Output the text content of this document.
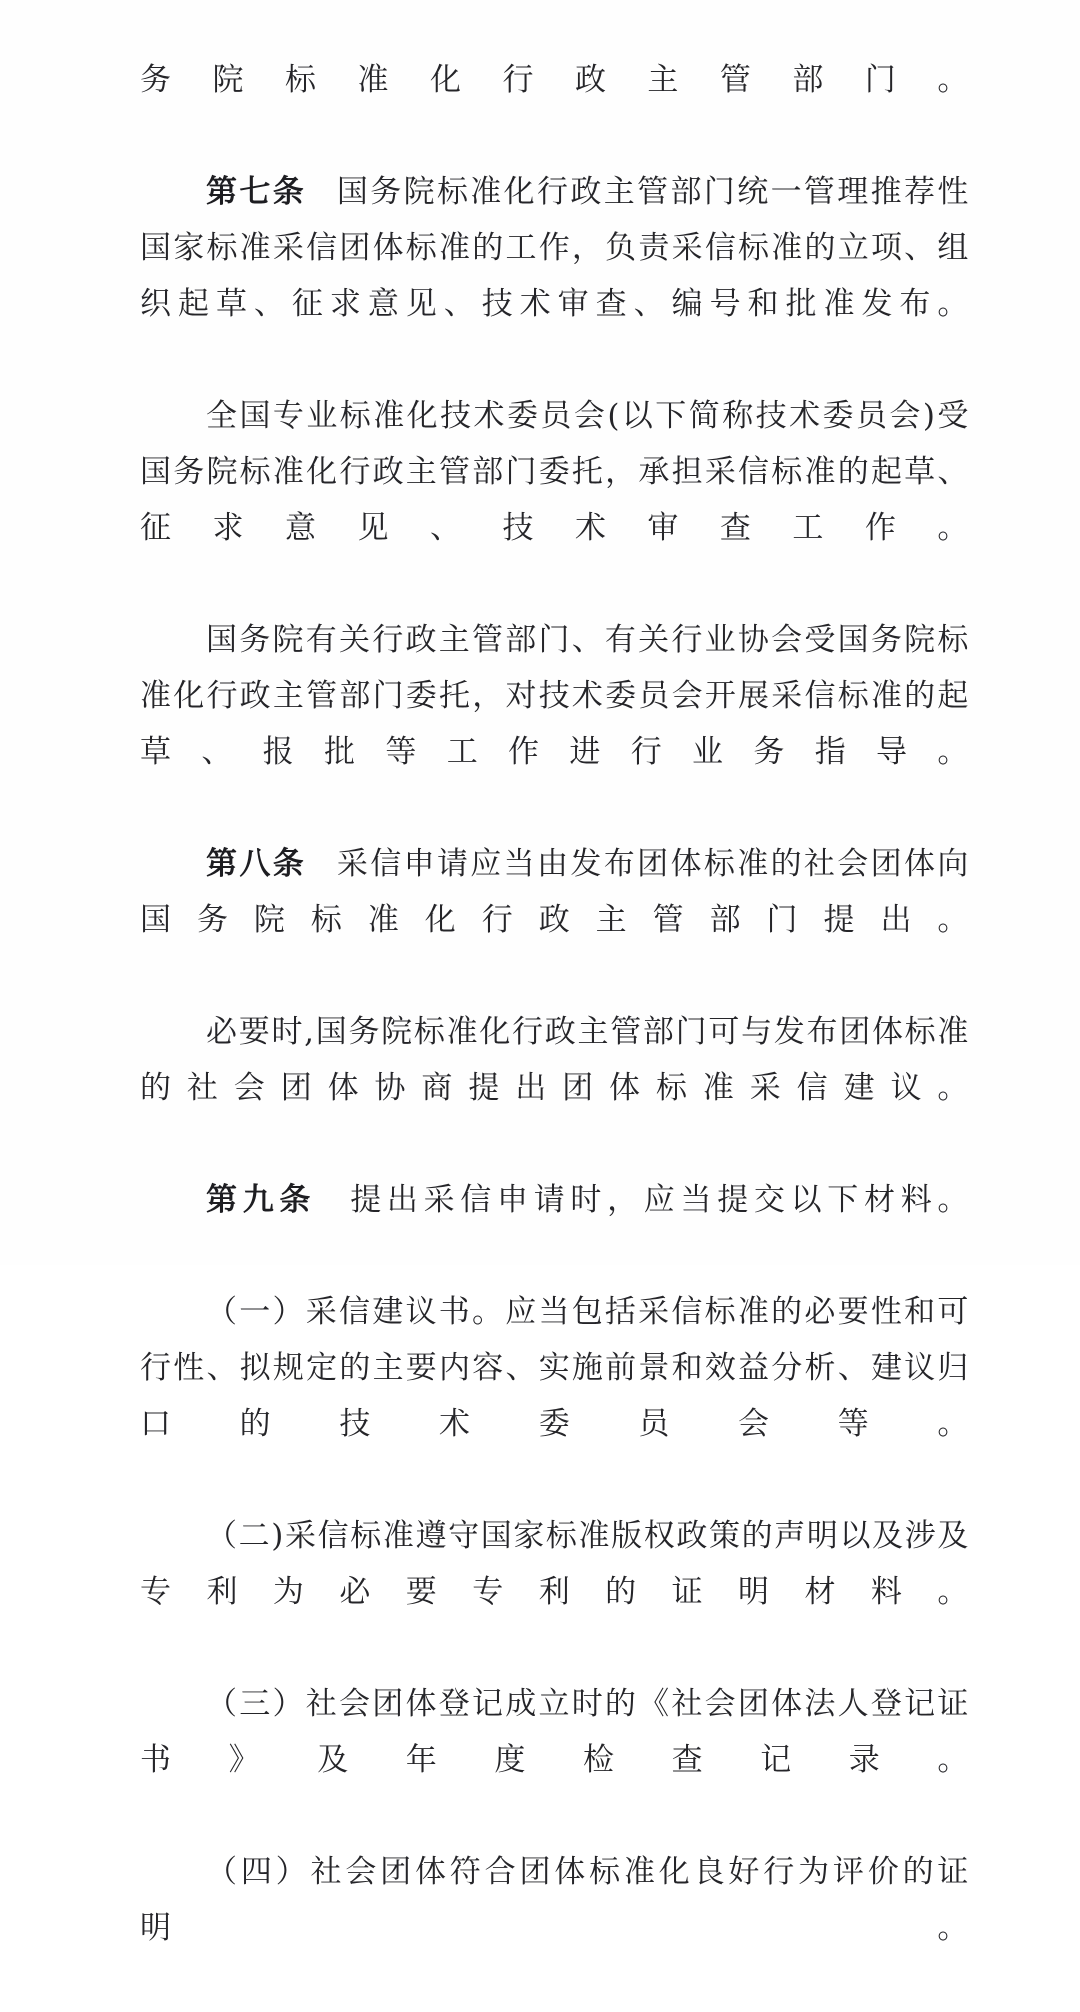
务院标准化行政主管部门。

第七条 国务院标准化行政主管部门统一管理推荐性国家标准采信团体标准的工作，负责采信标准的立项、组织起草、征求意见、技术审查、编号和批准发布。

全国专业标准化技术委员会(以下简称技术委员会)受国务院标准化行政主管部门委托，承担采信标准的起草、征求意见、技术审查工作。

国务院有关行政主管部门、有关行业协会受国务院标准化行政主管部门委托，对技术委员会开展采信标准的起草、报批等工作进行业务指导。

第八条 采信申请应当由发布团体标准的社会团体向国务院标准化行政主管部门提出。

必要时,国务院标准化行政主管部门可与发布团体标准的社会团体协商提出团体标准采信建议。

第九条 提出采信申请时，应当提交以下材料。

（一）采信建议书。应当包括采信标准的必要性和可行性、拟规定的主要内容、实施前景和效益分析、建议归口的技术委员会等。

（二)采信标准遵守国家标准版权政策的声明以及涉及专利为必要专利的证明材料。

（三）社会团体登记成立时的《社会团体法人登记证书》及年度检查记录。

（四）社会团体符合团体标准化良好行为评价的证明。
